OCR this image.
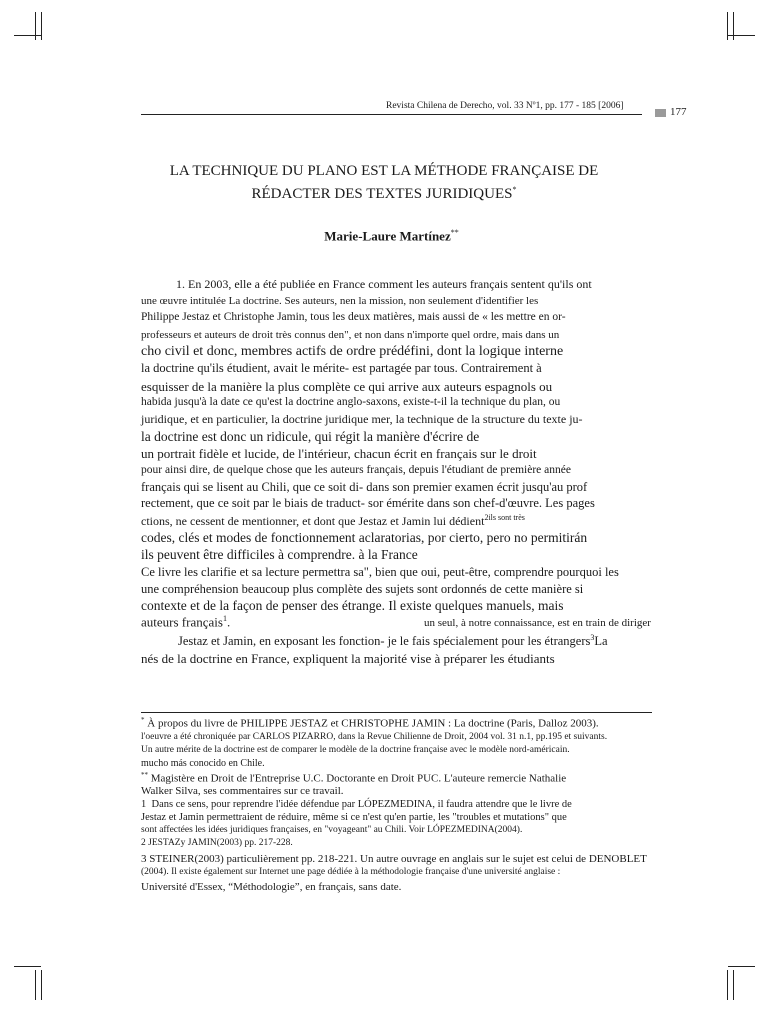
Revista Chilena de Derecho, vol. 33 Nº1, pp. 177 - 185 [2006]	177
LA TECHNIQUE DU PLANO EST LA MÉTHODE FRANÇAISE DE
RÉDACTER DES TEXTES JURIDIQUES*
Marie-Laure Martínez**
1. En 2003, elle a été publiée en France comment les auteurs français sentent qu'ils ont
une œuvre intitulée La doctrine. Ses auteurs, nen la mission, non seulement d'identifier les
Philippe Jestaz et Christophe Jamin, tous les deux matières, mais aussi de « les mettre en or-
professeurs et auteurs de droit très connus den", et non dans n'importe quel ordre, mais dans un
cho civil et donc, membres actifs de ordre prédéfini, dont la logique interne
la doctrine qu'ils étudient, avait le mérite- est partagée par tous. Contrairement à
esquisser de la manière la plus complète ce qui arrive aux auteurs espagnols ou
habida jusqu'à la date ce qu'est la doctrine anglo-saxons, existe-t-il la technique du plan, ou
juridique, et en particulier, la doctrine juridique mer, la technique de la structure du texte ju-
la doctrine est donc un ridicule, qui régit la manière d'écrire de
un portrait fidèle et lucide, de l'intérieur, chacun écrit en français sur le droit
pour ainsi dire, de quelque chose que les auteurs français, depuis l'étudiant de première année
français qui se lisent au Chili, que ce soit di- dans son premier examen écrit jusqu'au prof
rectement, que ce soit par le biais de traduct- sor émérite dans son chef-d'œuvre. Les pages
ctions, ne cessent de mentionner, et dont que Jestaz et Jamin lui dédient$^{2ils sont très}$
codes, clés et modes de fonctionnement aclaratorias, por cierto, pero no permitirán
ils peuvent être difficiles à comprendre. à la France
Ce livre les clarifie et sa lecture permettra sa", bien que oui, peut-être, comprendre pourquoi les
une compréhension beaucoup plus complète des sujets sont ordonnés de cette manière si
contexte et de la façon de penser des étrange. Il existe quelques manuels, mais
auteurs français$^1$.	un seul, à notre connaissance, est en train de diriger
Jestaz et Jamin, en exposant les fonction- je le fais spécialement pour les étrangers$^3$La
nés de la doctrine en France, expliquent la majorité vise à préparer les étudiants
* À propos du livre de PHILIPPE JESTAZ et CHRISTOPHE JAMIN : La doctrine (Paris, Dalloz 2003).
l'oeuvre a été chroniquée par CARLOS PIZARRO, dans la Revue Chilienne de Droit, 2004 vol. 31 n.1, pp.195 et suivants.
Un autre mérite de la doctrine est de comparer le modèle de la doctrine française avec le modèle nord-américain.
mucho más conocido en Chile.
** Magistère en Droit de l'Entreprise U.C. Doctorante en Droit PUC. L'auteure remercie Nathalie
Walker Silva, ses commentaires sur ce travail.
1 Dans ce sens, pour reprendre l'idée défendue par LÓPEZMEDINA, il faudra attendre que le livre de
Jestaz et Jamin permettraient de réduire, même si ce n'est qu'en partie, les "troubles et mutations" que
sont affectées les idées juridiques françaises, en "voyageant" au Chili. Voir LÓPEZMEDINA(2004).
2 JESTAZy JAMIN(2003) pp. 217-228.
3 STEINER(2003) particulièrement pp. 218-221. Un autre ouvrage en anglais sur le sujet est celui de DENOBLET
(2004). Il existe également sur Internet une page dédiée à la méthodologie française d'une université anglaise :
Université d'Essex, “Méthodologie”, en français, sans date.
